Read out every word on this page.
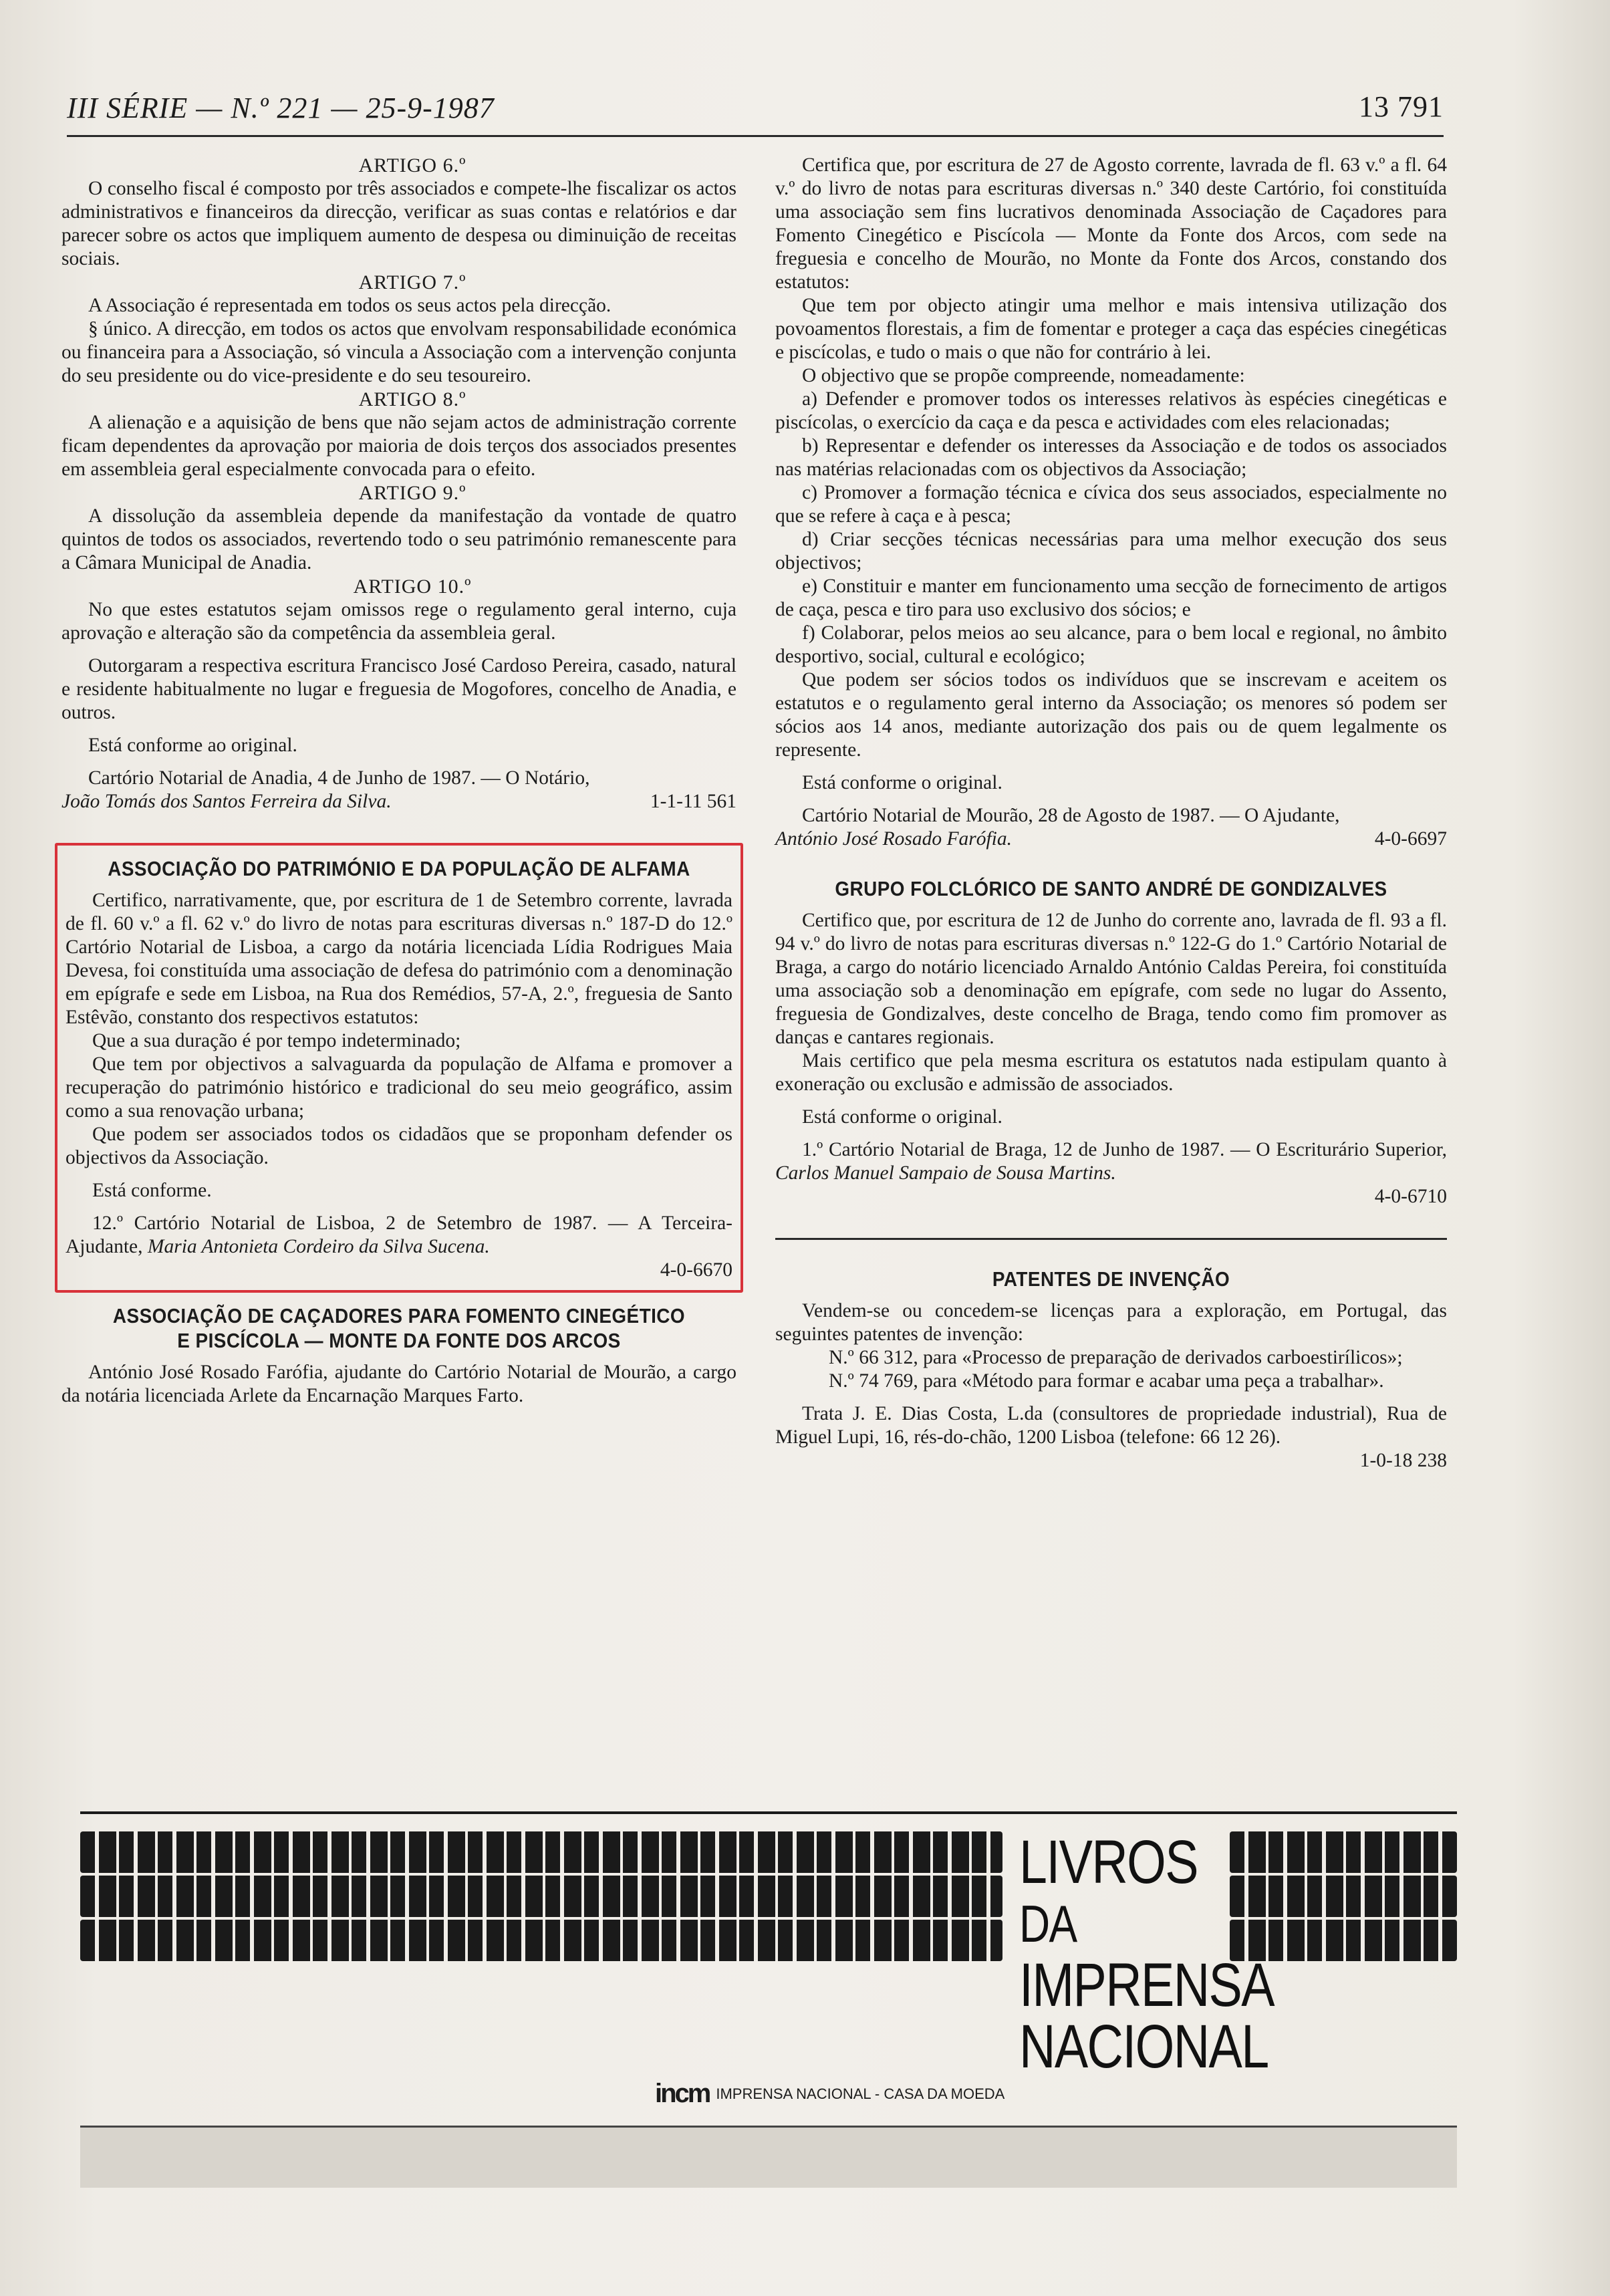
III SÉRIE — N.º 221 — 25-9-1987	13 791

ARTIGO 6.º

O conselho fiscal é composto por três associados e compete-lhe fiscalizar os actos administrativos e financeiros da direcção, verificar as suas contas e relatórios e dar parecer sobre os actos que impliquem aumento de despesa ou diminuição de receitas sociais.

ARTIGO 7.º

A Associação é representada em todos os seus actos pela direcção.

§ único. A direcção, em todos os actos que envolvam responsabilidade económica ou financeira para a Associação, só vincula a Associação com a intervenção conjunta do seu presidente ou do vice-presidente e do seu tesoureiro.

ARTIGO 8.º

A alienação e a aquisição de bens que não sejam actos de administração corrente ficam dependentes da aprovação por maioria de dois terços dos associados presentes em assembleia geral especialmente convocada para o efeito.

ARTIGO 9.º

A dissolução da assembleia depende da manifestação da vontade de quatro quintos de todos os associados, revertendo todo o seu património remanescente para a Câmara Municipal de Anadia.

ARTIGO 10.º

No que estes estatutos sejam omissos rege o regulamento geral interno, cuja aprovação e alteração são da competência da assembleia geral.

Outorgaram a respectiva escritura Francisco José Cardoso Pereira, casado, natural e residente habitualmente no lugar e freguesia de Mogofores, concelho de Anadia, e outros.

Está conforme ao original.

Cartório Notarial de Anadia, 4 de Junho de 1987. — O Notário,

João Tomás dos Santos Ferreira da Silva.	1-1-11 561
ASSOCIAÇÃO DO PATRIMÓNIO E DA POPULAÇÃO DE ALFAMA

Certifico, narrativamente, que, por escritura de 1 de Setembro corrente, lavrada de fl. 60 v.º a fl. 62 v.º do livro de notas para escrituras diversas n.º 187-D do 12.º Cartório Notarial de Lisboa, a cargo da notária licenciada Lídia Rodrigues Maia Devesa, foi constituída uma associação de defesa do património com a denominação em epígrafe e sede em Lisboa, na Rua dos Remédios, 57-A, 2.º, freguesia de Santo Estêvão, constanto dos respectivos estatutos:

Que a sua duração é por tempo indeterminado;

Que tem por objectivos a salvaguarda da população de Alfama e promover a recuperação do património histórico e tradicional do seu meio geográfico, assim como a sua renovação urbana;

Que podem ser associados todos os cidadãos que se proponham defender os objectivos da Associação.

Está conforme.

12.º Cartório Notarial de Lisboa, 2 de Setembro de 1987. — A Terceira-Ajudante, Maria Antonieta Cordeiro da Silva Sucena.

4-0-6670

ASSOCIAÇÃO DE CAÇADORES PARA FOMENTO CINEGÉTICO
E PISCÍCOLA — MONTE DA FONTE DOS ARCOS

António José Rosado Farófia, ajudante do Cartório Notarial de Mourão, a cargo da notária licenciada Arlete da Encarnação Marques Farto.

Certifica que, por escritura de 27 de Agosto corrente, lavrada de fl. 63 v.º a fl. 64 v.º do livro de notas para escrituras diversas n.º 340 deste Cartório, foi constituída uma associação sem fins lucrativos denominada Associação de Caçadores para Fomento Cinegético e Piscícola — Monte da Fonte dos Arcos, com sede na freguesia e concelho de Mourão, no Monte da Fonte dos Arcos, constando dos estatutos:

Que tem por objecto atingir uma melhor e mais intensiva utilização dos povoamentos florestais, a fim de fomentar e proteger a caça das espécies cinegéticas e piscícolas, e tudo o mais o que não for contrário à lei.

O objectivo que se propõe compreende, nomeadamente:

a) Defender e promover todos os interesses relativos às espécies cinegéticas e piscícolas, o exercício da caça e da pesca e actividades com eles relacionadas;

b) Representar e defender os interesses da Associação e de todos os associados nas matérias relacionadas com os objectivos da Associação;

c) Promover a formação técnica e cívica dos seus associados, especialmente no que se refere à caça e à pesca;

d) Criar secções técnicas necessárias para uma melhor execução dos seus objectivos;

e) Constituir e manter em funcionamento uma secção de fornecimento de artigos de caça, pesca e tiro para uso exclusivo dos sócios; e

f) Colaborar, pelos meios ao seu alcance, para o bem local e regional, no âmbito desportivo, social, cultural e ecológico;

Que podem ser sócios todos os indivíduos que se inscrevam e aceitem os estatutos e o regulamento geral interno da Associação; os menores só podem ser sócios aos 14 anos, mediante autorização dos pais ou de quem legalmente os represente.

Está conforme o original.

Cartório Notarial de Mourão, 28 de Agosto de 1987. — O Ajudante,

António José Rosado Farófia.	4-0-6697
GRUPO FOLCLÓRICO DE SANTO ANDRÉ DE GONDIZALVES

Certifico que, por escritura de 12 de Junho do corrente ano, lavrada de fl. 93 a fl. 94 v.º do livro de notas para escrituras diversas n.º 122-G do 1.º Cartório Notarial de Braga, a cargo do notário licenciado Arnaldo António Caldas Pereira, foi constituída uma associação sob a denominação em epígrafe, com sede no lugar do Assento, freguesia de Gondizalves, deste concelho de Braga, tendo como fim promover as danças e cantares regionais.

Mais certifico que pela mesma escritura os estatutos nada estipulam quanto à exoneração ou exclusão e admissão de associados.

Está conforme o original.

1.º Cartório Notarial de Braga, 12 de Junho de 1987. — O Escriturário Superior, Carlos Manuel Sampaio de Sousa Martins.

4-0-6710

PATENTES DE INVENÇÃO

Vendem-se ou concedem-se licenças para a exploração, em Portugal, das seguintes patentes de invenção:

N.º 66 312, para «Processo de preparação de derivados carboestirílicos»;

N.º 74 769, para «Método para formar e acabar uma peça a trabalhar».

Trata J. E. Dias Costa, L.da (consultores de propriedade industrial), Rua de Miguel Lupi, 16, rés-do-chão, 1200 Lisboa (telefone: 66 12 26).

1-0-18 238

LIVROS
DA
IMPRENSA
NACIONAL
incm IMPRENSA NACIONAL - CASA DA MOEDA
